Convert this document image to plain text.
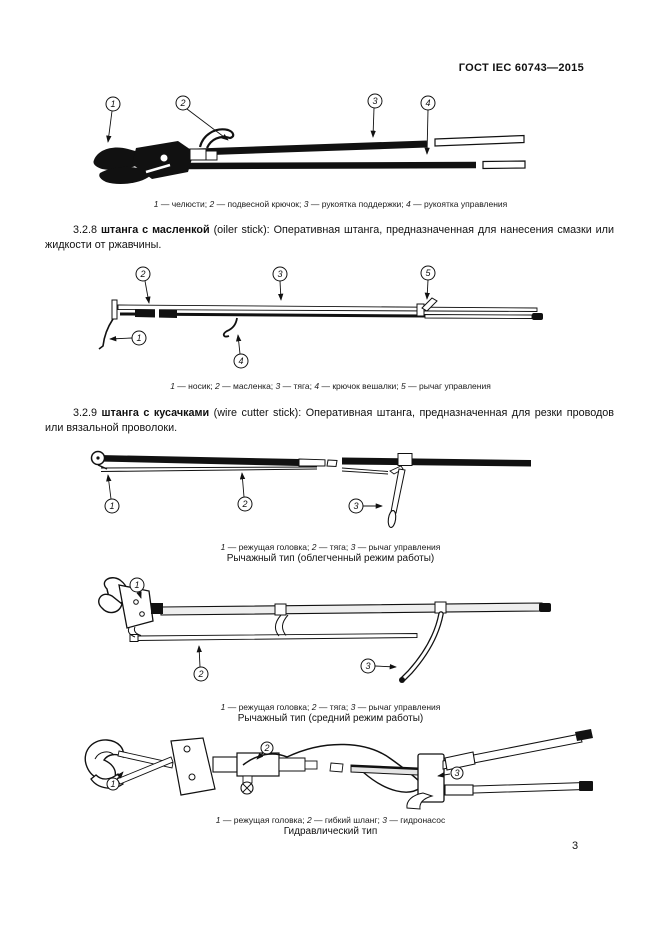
ГОСТ IEC 60743—2015
1	2	3	4
1 — челюсти; 2 — подвесной крючок; 3 — рукоятка поддержки; 4 — рукоятка управления

3.2.8 штанга с масленкой (oiler stick): Оперативная штанга, предназначенная для нанесения смазки или жидкости от ржавчины.

2	3	5
1
4
1 — носик; 2 — масленка; 3 — тяга; 4 — крючок вешалки; 5 — рычаг управления

3.2.9 штанга с кусачками (wire cutter stick): Оперативная штанга, предназначенная для резки проводов или вязальной проволоки.

1	2	3
1 — режущая головка; 2 — тяга; 3 — рычаг управления
Рычажный тип (облегченный режим работы)
1
2
3
1 — режущая головка; 2 — тяга; 3 — рычаг управления
Рычажный тип (средний режим работы)
1
2
3
1 — режущая головка; 2 — гибкий шланг; 3 — гидронасос
Гидравлический тип
3
